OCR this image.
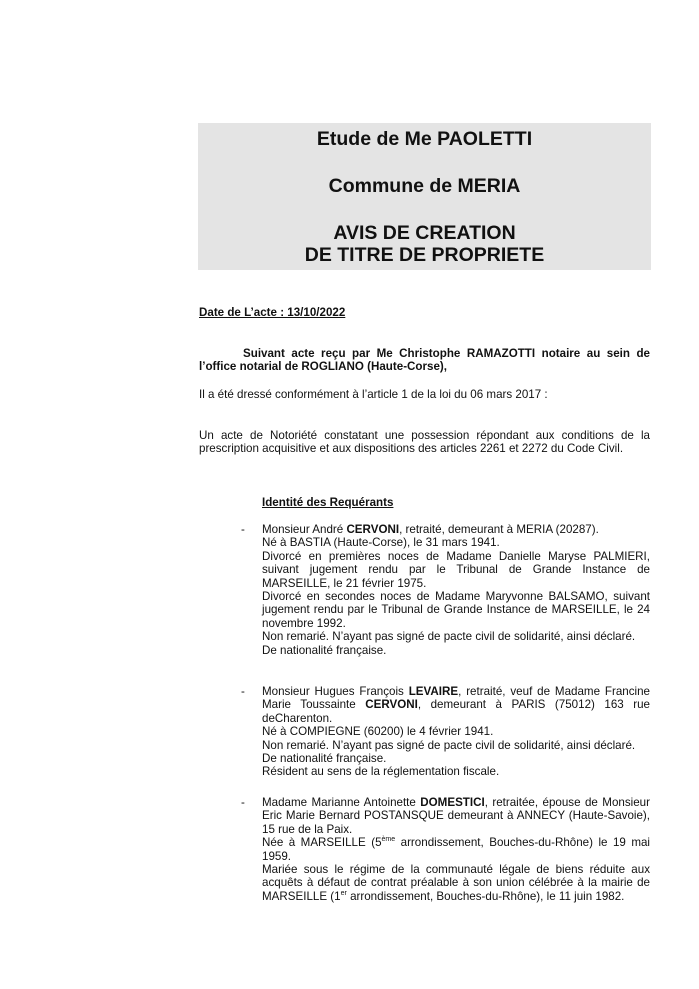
Etude de Me PAOLETTI
Commune de MERIA
AVIS DE CREATION
DE TITRE DE PROPRIETE
Date de L’acte : 13/10/2022
Suivant acte reçu par Me Christophe RAMAZOTTI notaire au sein de
l’office notarial de ROGLIANO (Haute-Corse),
Il a été dressé conformément à l’article 1 de la loi du 06 mars 2017 :
Un acte de Notoriété constatant une possession répondant aux conditions de la prescription acquisitive et aux dispositions des articles 2261 et 2272 du Code Civil.
Identité des Requérants
- Monsieur André CERVONI, retraité, demeurant à MERIA (20287).

Né à BASTIA (Haute-Corse), le 31 mars 1941.

Divorcé en premières noces de Madame Danielle Maryse PALMIERI, suivant jugement rendu par le Tribunal de Grande Instance de MARSEILLE, le 21 février 1975.

Divorcé en secondes noces de Madame Maryvonne BALSAMO, suivant jugement rendu par le Tribunal de Grande Instance de MARSEILLE, le 24 novembre 1992.

Non remarié. N’ayant pas signé de pacte civil de solidarité, ainsi déclaré.

De nationalité française.

- Monsieur Hugues François LEVAIRE, retraité, veuf de Madame Francine Marie Toussainte CERVONI, demeurant à PARIS (75012) 163 rue deCharenton.

Né à COMPIEGNE (60200) le 4 février 1941.

Non remarié. N’ayant pas signé de pacte civil de solidarité, ainsi déclaré.

De nationalité française.

Résident au sens de la réglementation fiscale.

- Madame Marianne Antoinette DOMESTICI, retraitée, épouse de Monsieur Eric Marie Bernard POSTANSQUE demeurant à ANNECY (Haute-Savoie), 15 rue de la Paix.

Née à MARSEILLE (5ème arrondissement, Bouches-du-Rhône) le 19 mai 1959.

Mariée sous le régime de la communauté légale de biens réduite aux acquêts à défaut de contrat préalable à son union célébrée à la mairie de MARSEILLE (1er arrondissement, Bouches-du-Rhône), le 11 juin 1982.
